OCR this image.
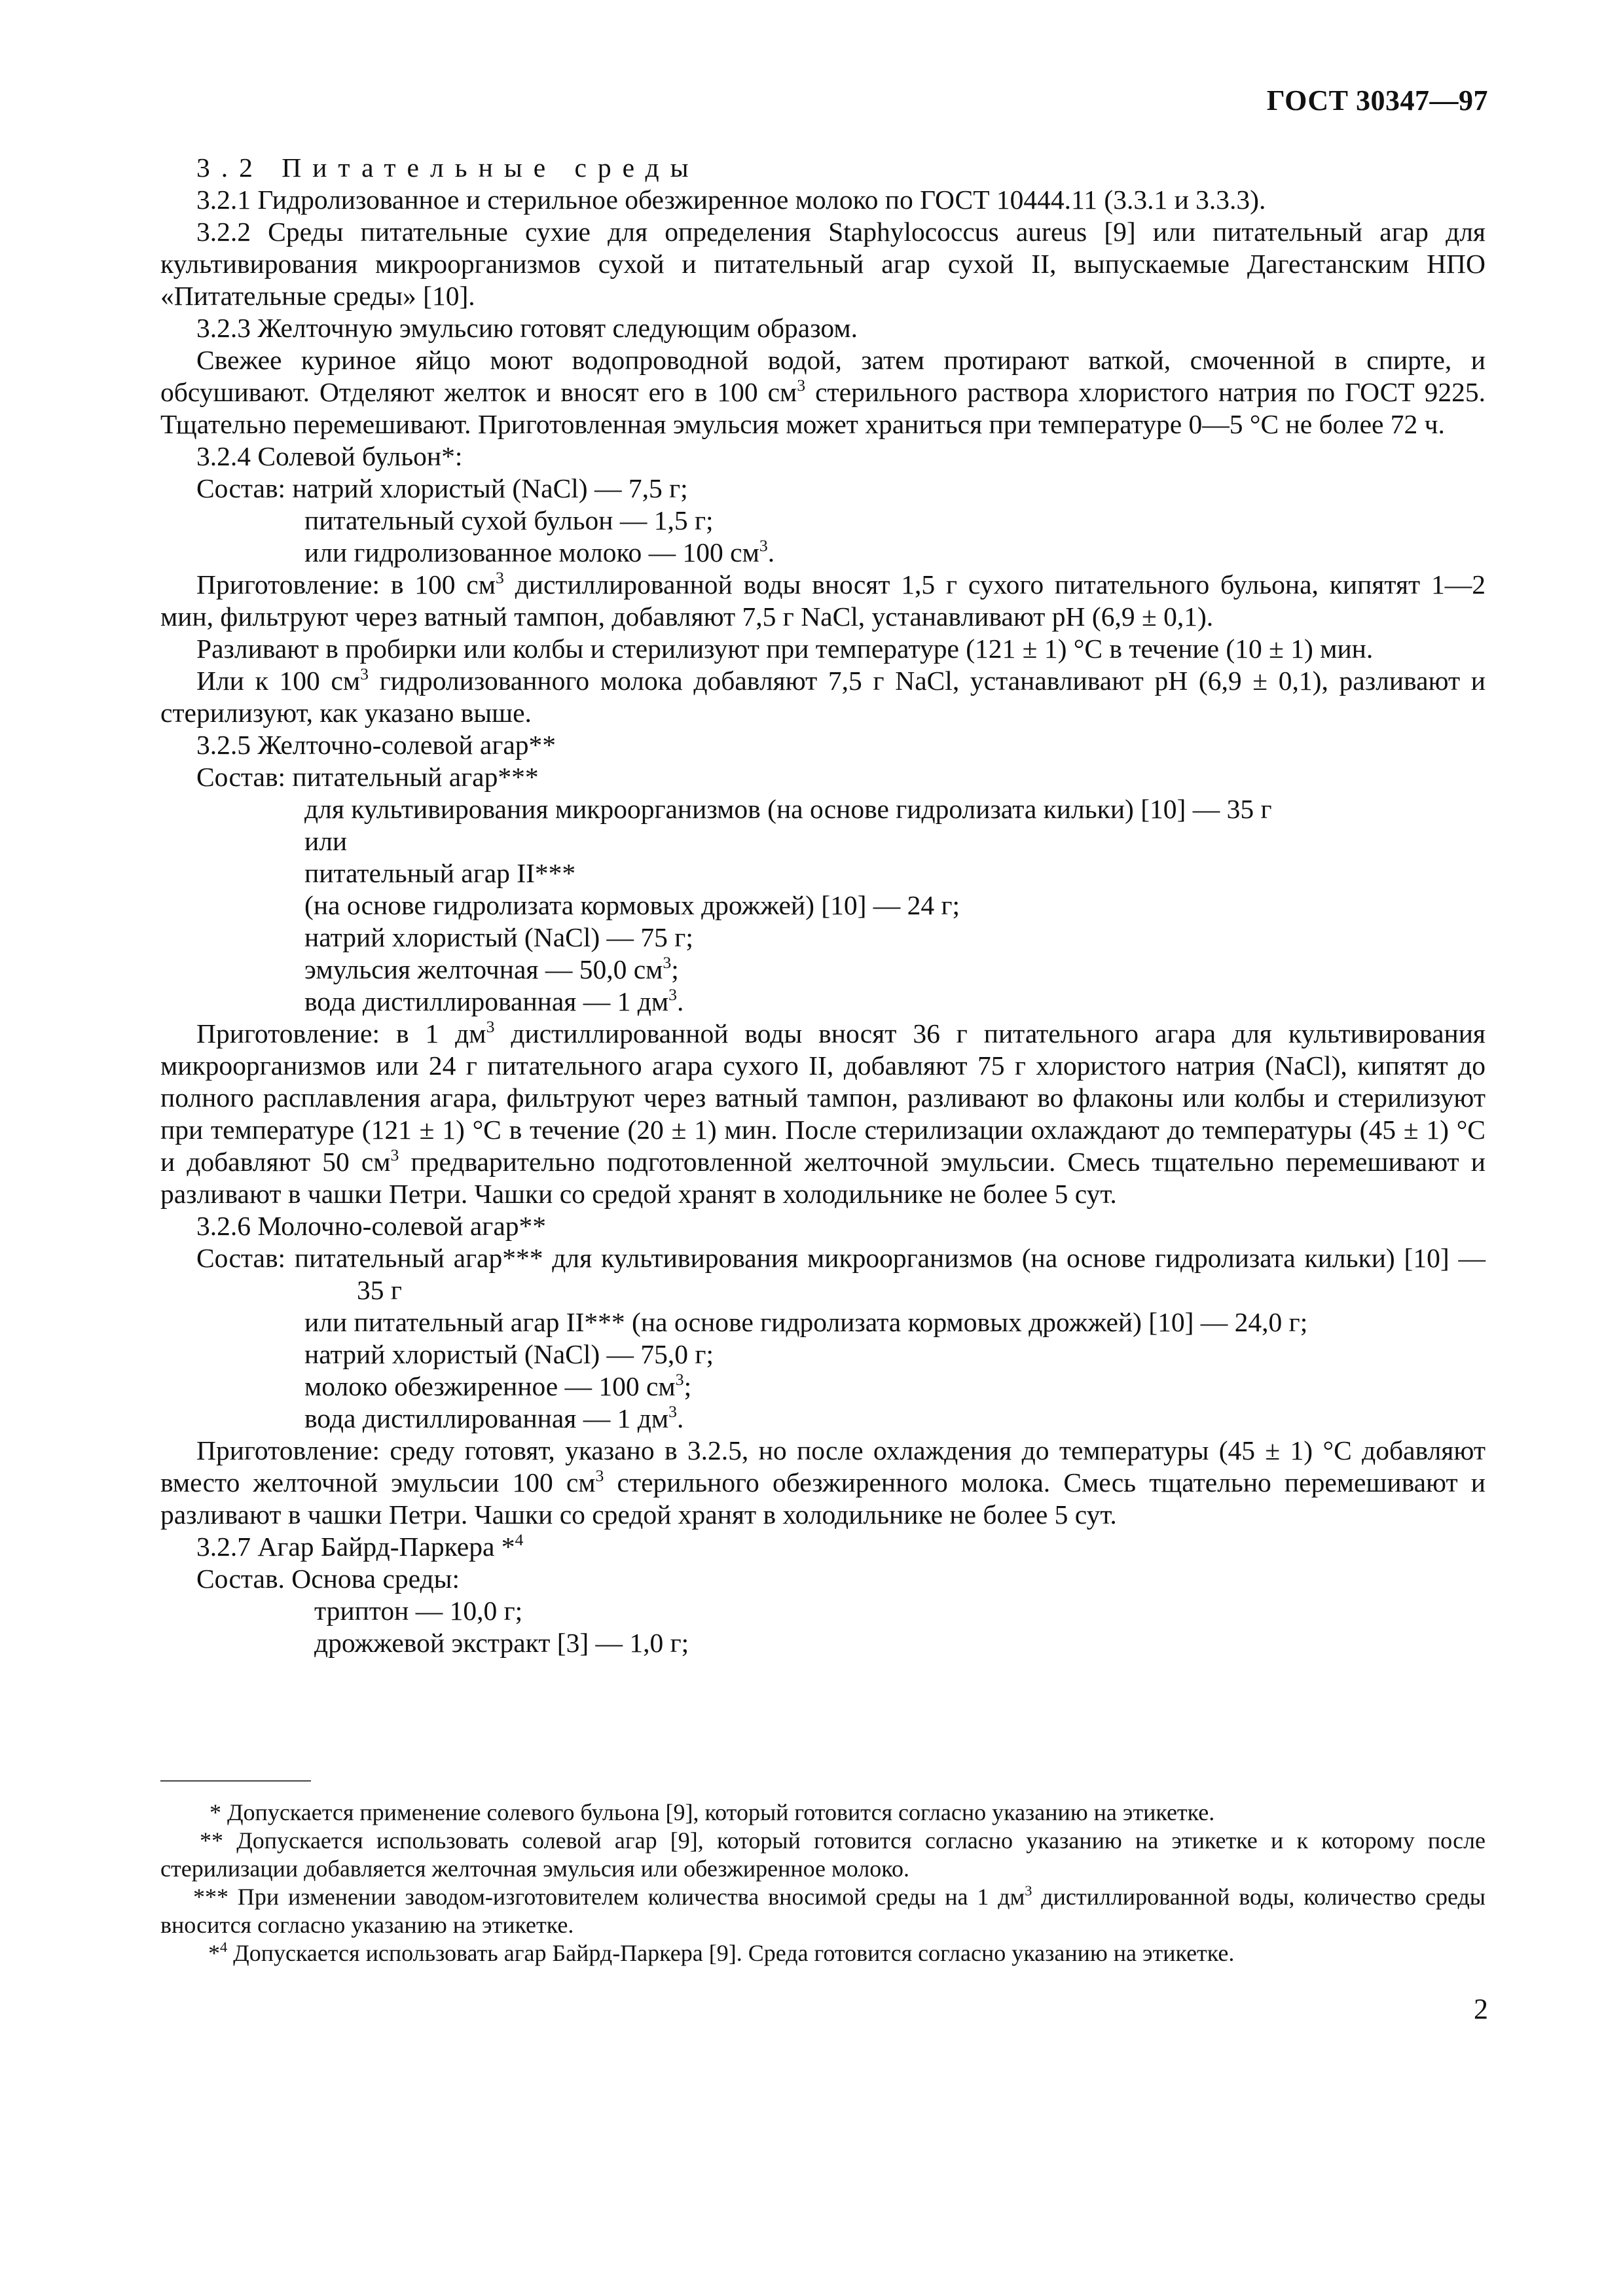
ГОСТ 30347—97

3.2 Питательные среды

3.2.1 Гидролизованное и стерильное обезжиренное молоко по ГОСТ 10444.11 (3.3.1 и 3.3.3).

3.2.2 Среды питательные сухие для определения Staphylococcus aureus [9] или питательный агар для культивирования микроорганизмов сухой и питательный агар сухой II, выпускаемые Дагестанским НПО «Питательные среды» [10].

3.2.3 Желточную эмульсию готовят следующим образом.

Свежее куриное яйцо моют водопроводной водой, затем протирают ваткой, смоченной в спирте, и обсушивают. Отделяют желток и вносят его в 100 $см^3$ стерильного раствора хлористого натрия по ГОСТ 9225. Тщательно перемешивают. Приготовленная эмульсия может храниться при температуре 0—5 °С не более 72 ч.

3.2.4 Солевой бульон*:

Состав: натрий хлористый (NaCl) — 7,5 г;

питательный сухой бульон — 1,5 г;

или гидролизованное молоко — 100 $см^3$.

Приготовление: в 100 $см^3$ дистиллированной воды вносят 1,5 г сухого питательного бульона, кипятят 1—2 мин, фильтруют через ватный тампон, добавляют 7,5 г NaCl, устанавливают рН (6,9 ± 0,1).

Разливают в пробирки или колбы и стерилизуют при температуре (121 ± 1) °С в течение (10 ± 1) мин.

Или к 100 $см^3$ гидролизованного молока добавляют 7,5 г NaCl, устанавливают рН (6,9 ± 0,1), разливают и стерилизуют, как указано выше.

3.2.5 Желточно-солевой агар**

Состав: питательный агар***

для культивирования микроорганизмов (на основе гидролизата кильки) [10] — 35 г

или

питательный агар II***

(на основе гидролизата кормовых дрожжей) [10] — 24 г;

натрий хлористый (NaCl) — 75 г;

эмульсия желточная — 50,0 $см^3$;

вода дистиллированная — 1 $дм^3$.

Приготовление: в 1 $дм^3$ дистиллированной воды вносят 36 г питательного агара для культивирования микроорганизмов или 24 г питательного агара сухого II, добавляют 75 г хлористого натрия (NaCl), кипятят до полного расплавления агара, фильтруют через ватный тампон, разливают во флаконы или колбы и стерилизуют при температуре (121 ± 1) °С в течение (20 ± 1) мин. После стерилизации охлаждают до температуры (45 ± 1) °С и добавляют 50 $см^3$ предварительно подготовленной желточной эмульсии. Смесь тщательно перемешивают и разливают в чашки Петри. Чашки со средой хранят в холодильнике не более 5 сут.

3.2.6 Молочно-солевой агар**

Состав: питательный агар*** для культивирования микроорганизмов (на основе гидролизата кильки) [10] — 35 г

или питательный агар II*** (на основе гидролизата кормовых дрожжей) [10] — 24,0 г;

натрий хлористый (NaCl) — 75,0 г;

молоко обезжиренное — 100 $см^3$;

вода дистиллированная — 1 $дм^3$.

Приготовление: среду готовят, указано в 3.2.5, но после охлаждения до температуры (45 ± 1) °С добавляют вместо желточной эмульсии 100 $см^3$ стерильного обезжиренного молока. Смесь тщательно перемешивают и разливают в чашки Петри. Чашки со средой хранят в холодильнике не более 5 сут.

3.2.7 Агар Байрд-Паркера *$^4$

Состав. Основа среды:

триптон — 10,0 г;

дрожжевой экстракт [3] — 1,0 г;

* Допускается применение солевого бульона [9], который готовится согласно указанию на этикетке.

** Допускается использовать солевой агар [9], который готовится согласно указанию на этикетке и к которому после стерилизации добавляется желточная эмульсия или обезжиренное молоко.

*** При изменении заводом-изготовителем количества вносимой среды на 1 $дм^3$ дистиллированной воды, количество среды вносится согласно указанию на этикетке.

*$^4$ Допускается использовать агар Байрд-Паркера [9]. Среда готовится согласно указанию на этикетке.

2
